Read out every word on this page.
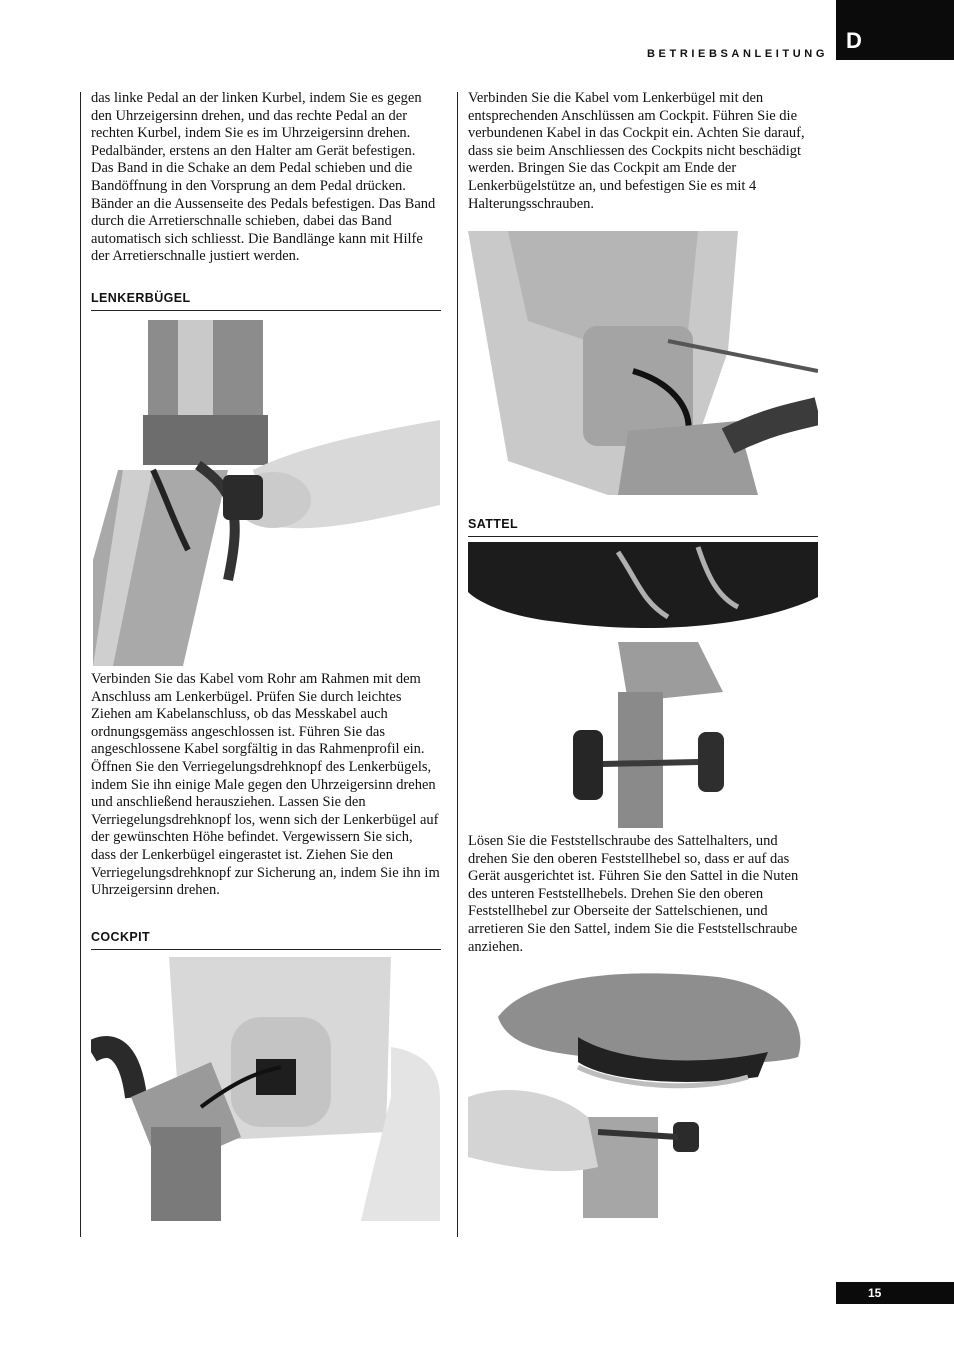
BETRIEBSANLEITUNG
D

das linke Pedal an der linken Kurbel, indem Sie es gegen den Uhrzeigersinn drehen, und das rechte Pedal an der rechten Kurbel, indem Sie es im Uhrzeigersinn drehen. Pedalbänder, erstens an den Halter am Gerät befestigen. Das Band in die Schake an dem Pedal schieben und die Bandöffnung in den Vorsprung an dem Pedal drücken. Bänder an die Aussenseite des Pedals befestigen. Das Band durch die Arretierschnalle schieben, dabei das Band automatisch sich schliesst. Die Bandlänge kann mit Hilfe der Arretierschnalle justiert werden.

LENKERBÜGEL

Verbinden Sie das Kabel vom Rohr am Rahmen mit dem Anschluss am Lenkerbügel. Prüfen Sie durch leichtes Ziehen am Kabelanschluss, ob das Messkabel auch ordnungsgemäss angeschlossen ist. Führen Sie das angeschlossene Kabel sorgfältig in das Rahmenprofil ein. Öffnen Sie den Verriegelungsdrehknopf des Lenkerbügels, indem Sie ihn einige Male gegen den Uhrzeigersinn drehen und anschließend herausziehen. Lassen Sie den Verriegelungsdrehknopf los, wenn sich der Lenkerbügel auf der gewünschten Höhe befindet. Vergewissern Sie sich, dass der Lenkerbügel eingerastet ist. Ziehen Sie den Verriegelungsdrehknopf zur Sicherung an, indem Sie ihn im Uhrzeigersinn drehen.

COCKPIT

Verbinden Sie die Kabel vom Lenkerbügel mit den entsprechenden Anschlüssen am Cockpit. Führen Sie die verbundenen Kabel in das Cockpit ein. Achten Sie darauf, dass sie beim Anschliessen des Cockpits nicht beschädigt werden. Bringen Sie das Cockpit am Ende der Lenkerbügelstütze an, und befestigen Sie es mit 4 Halterungsschrauben.

SATTEL

Lösen Sie die Feststellschraube des Sattelhalters, und drehen Sie den oberen Feststellhebel so, dass er auf das Gerät ausgerichtet ist. Führen Sie den Sattel in die Nuten des unteren Feststellhebels. Drehen Sie den oberen Feststellhebel zur Oberseite der Sattelschienen, und arretieren Sie den Sattel, indem Sie die Feststellschraube anziehen.

15
